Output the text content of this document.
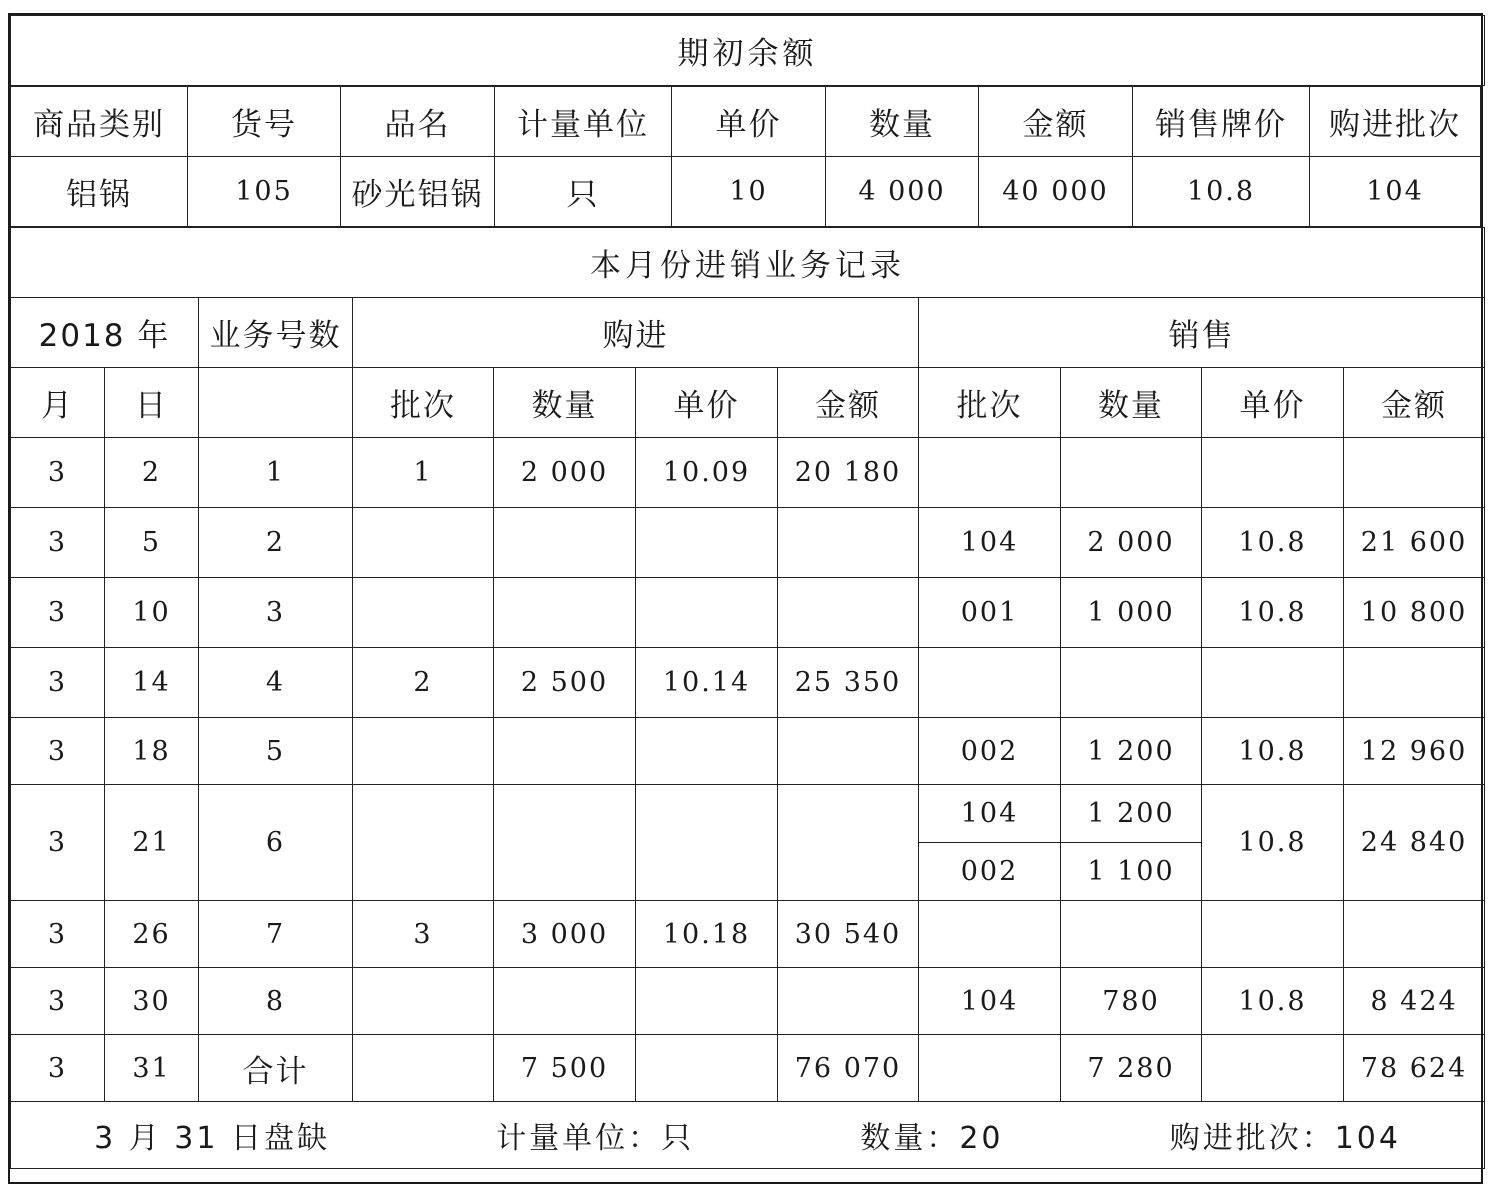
期初余额
商品类别	货号	品名	计量单位	单价	数量	金额	销售牌价	购进批次
铝锅	105	砂光铝锅	只	10	4 000	40 000	10.8	104
本月份进销业务记录										
2018 年		业务号数	购进				销售			
月	日		批次	数量	单价	金额	批次	数量	单价	金额
3	2	1	1	2 000	10.09	20 180				
3	5	2					104	2 000	10.8	21 600
3	10	3					001	1 000	10.8	10 800
3	14	4	2	2 500	10.14	25 350				
3	18	5					002	1 200	10.8	12 960
3	21	6					104	1 200	10.8	24 840
							002	1 100		
3	26	7	3	3 000	10.18	30 540				
3	30	8					104	780	10.8	8 424
3	31	合计		7 500		76 070		7 280		78 624

3 月 31 日盘缺 计量单位：只 数量：20 购进批次：104										
